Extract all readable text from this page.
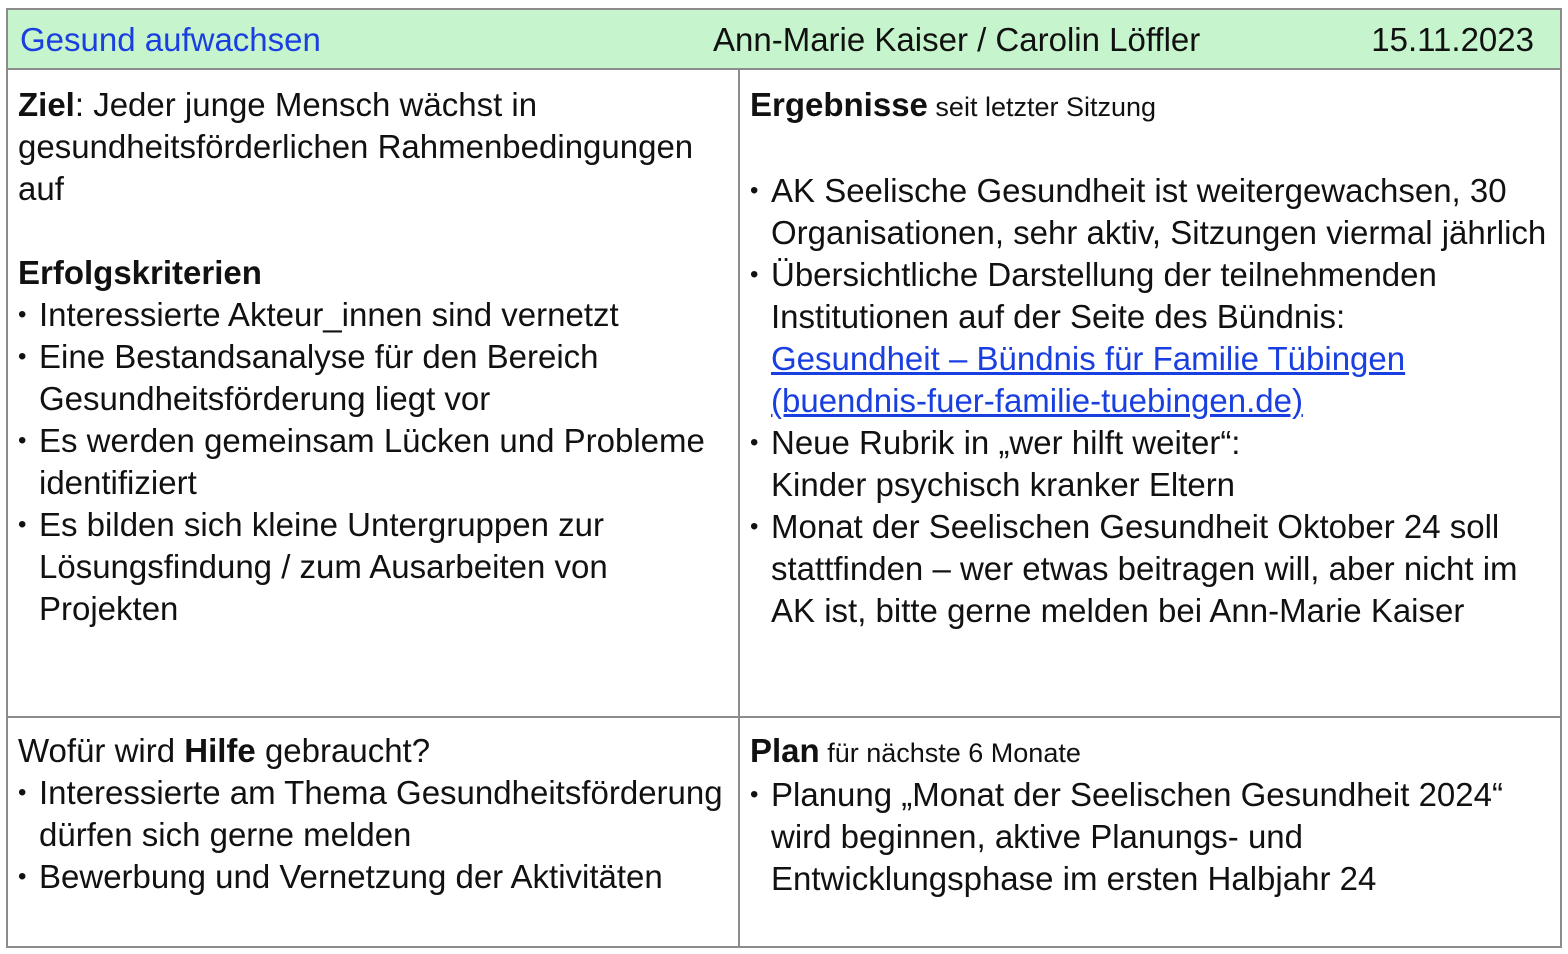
Gesund aufwachsen	Ann-Marie Kaiser / Carolin Löffler	15.11.2023
Ziel: Jeder junge Mensch wächst in gesundheitsförderlichen Rahmenbedingungen auf
Erfolgskriterien
• Interessierte Akteur_innen sind vernetzt
• Eine Bestandsanalyse für den Bereich Gesundheitsförderung liegt vor
• Es werden gemeinsam Lücken und Probleme identifiziert
• Es bilden sich kleine Untergruppen zur Lösungsfindung / zum Ausarbeiten von Projekten
Ergebnisse seit letzter Sitzung
• AK Seelische Gesundheit ist weitergewachsen, 30 Organisationen, sehr aktiv, Sitzungen viermal jährlich
• Übersichtliche Darstellung der teilnehmenden Institutionen auf der Seite des Bündnis:
Gesundheit – Bündnis für Familie Tübingen (buendnis-fuer-familie-tuebingen.de)
• Neue Rubrik in „wer hilft weiter“:
Kinder psychisch kranker Eltern
• Monat der Seelischen Gesundheit Oktober 24 soll stattfinden – wer etwas beitragen will, aber nicht im AK ist, bitte gerne melden bei Ann-Marie Kaiser
Wofür wird Hilfe gebraucht?
• Interessierte am Thema Gesundheitsförderung dürfen sich gerne melden
• Bewerbung und Vernetzung der Aktivitäten
Plan für nächste 6 Monate
• Planung „Monat der Seelischen Gesundheit 2024“ wird beginnen, aktive Planungs- und Entwicklungsphase im ersten Halbjahr 24
